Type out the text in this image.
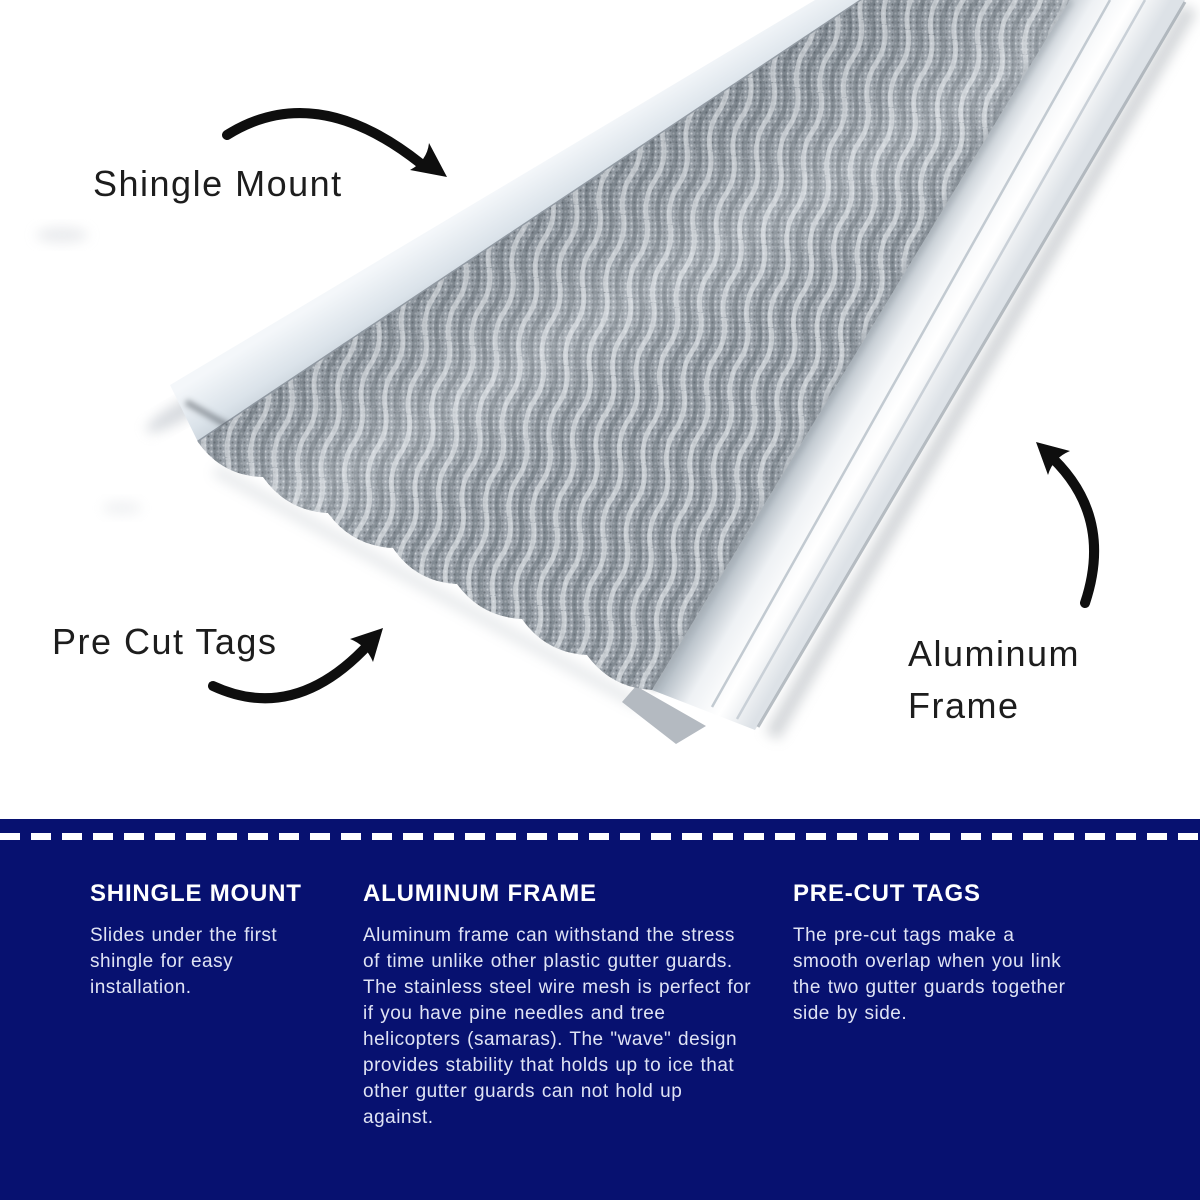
Shingle Mount
Pre Cut Tags	Aluminum Frame
SHINGLE MOUNT

Slides under the first shingle for easy installation.

ALUMINUM FRAME

Aluminum frame can withstand the stress of time unlike other plastic gutter guards. The stainless steel wire mesh is perfect for if you have pine needles and tree helicopters (samaras). The "wave" design provides stability that holds up to ice that other gutter guards can not hold up against.

PRE-CUT TAGS

The pre-cut tags make a smooth overlap when you link the two gutter guards together side by side.
